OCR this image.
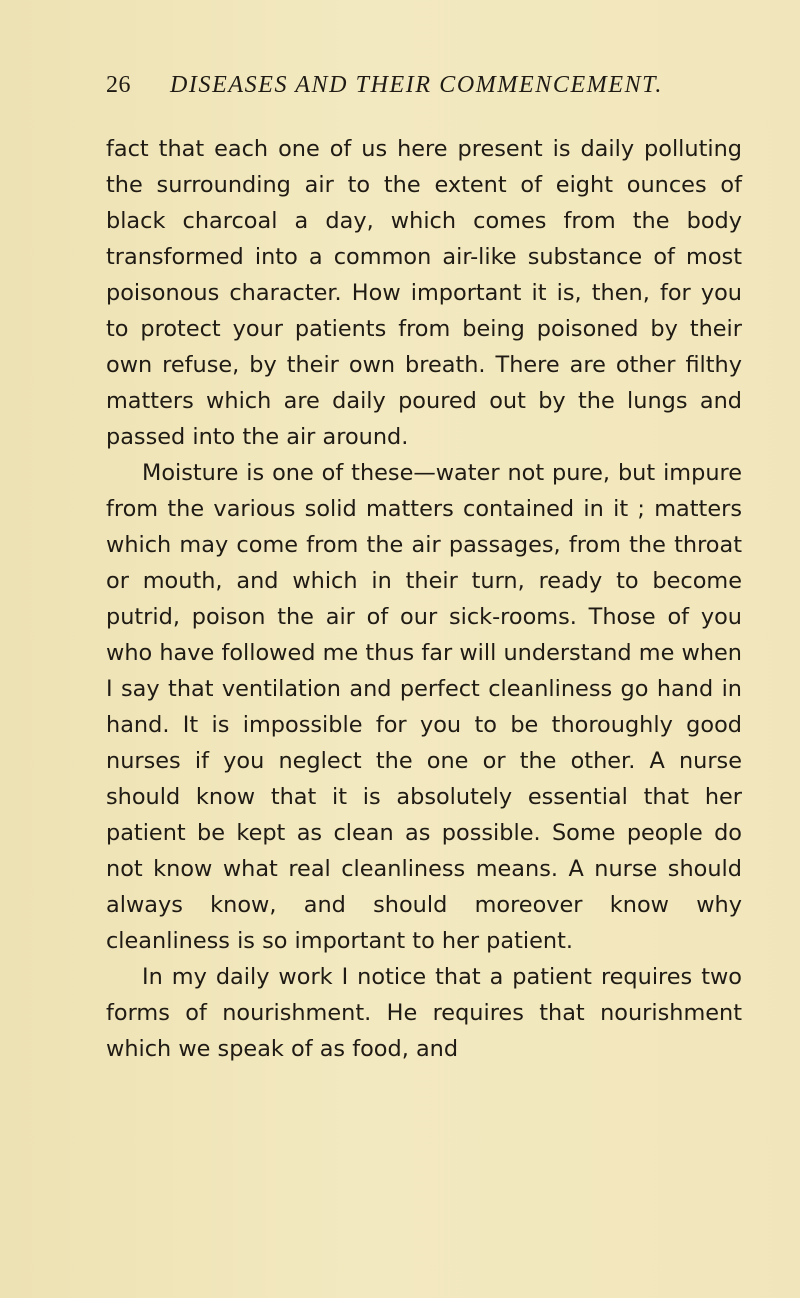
26 DISEASES AND THEIR COMMENCEMENT.

fact that each one of us here present is daily polluting the surrounding air to the extent of eight ounces of black charcoal a day, which comes from the body transformed into a common air-like substance of most poisonous character. How important it is, then, for you to protect your patients from being poisoned by their own refuse, by their own breath. There are other filthy matters which are daily poured out by the lungs and passed into the air around.

Moisture is one of these—water not pure, but impure from the various solid matters contained in it ; matters which may come from the air passages, from the throat or mouth, and which in their turn, ready to become putrid, poison the air of our sick-rooms. Those of you who have followed me thus far will understand me when I say that ventilation and perfect cleanliness go hand in hand. It is impossible for you to be thoroughly good nurses if you neglect the one or the other. A nurse should know that it is absolutely essential that her patient be kept as clean as possible. Some people do not know what real cleanliness means. A nurse should always know, and should moreover know why cleanliness is so important to her patient.

In my daily work I notice that a patient requires two forms of nourishment. He requires that nourishment which we speak of as food, and
